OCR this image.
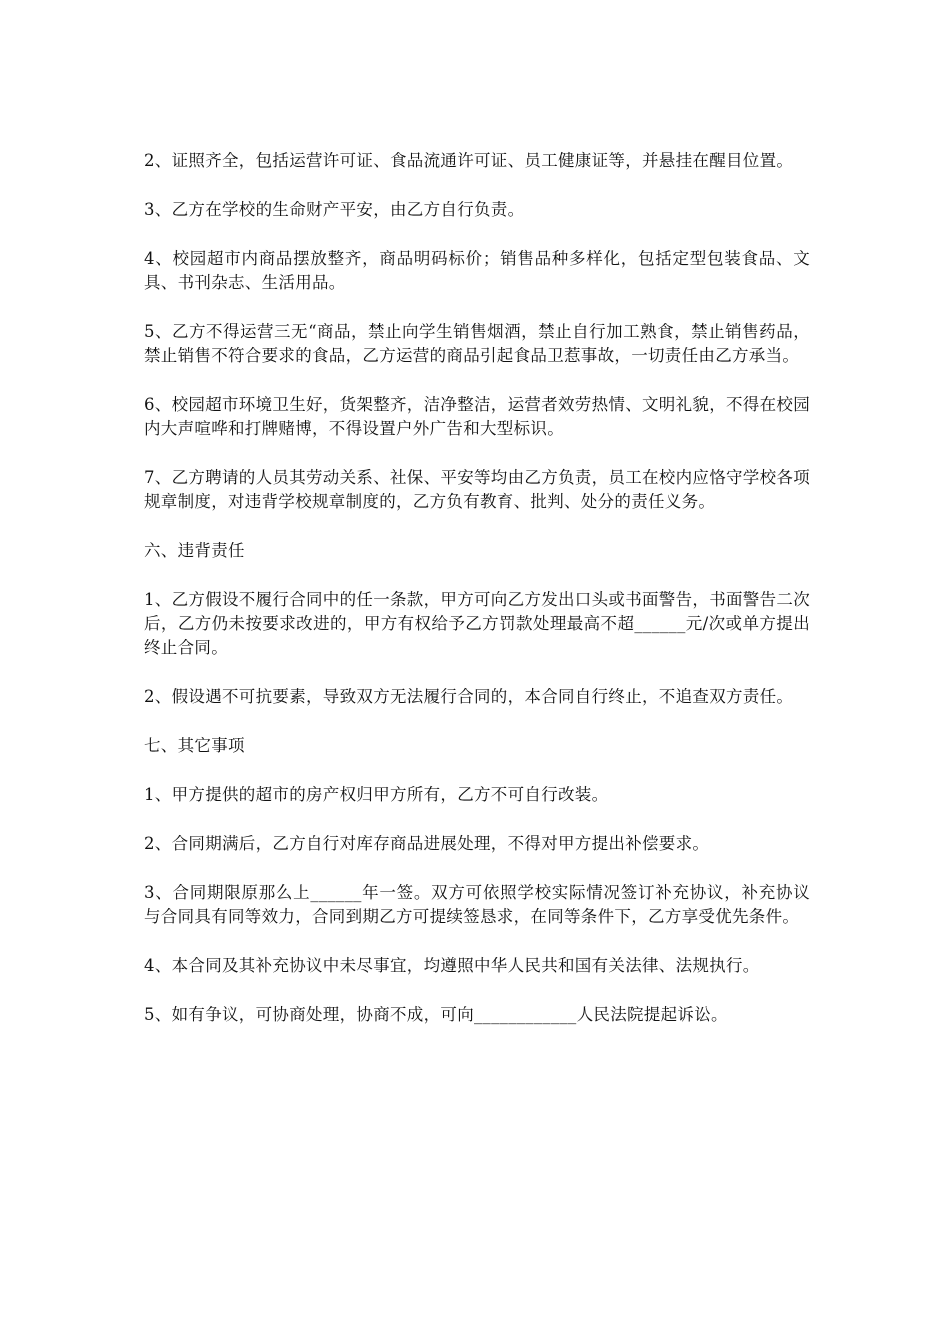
2、证照齐全，包括运营许可证、食品流通许可证、员工健康证等，并悬挂在醒目位置。

3、乙方在学校的生命财产平安，由乙方自行负责。

4、校园超市内商品摆放整齐，商品明码标价；销售品种多样化，包括定型包装食品、文具、书刊杂志、生活用品。

5、乙方不得运营三无“商品，禁止向学生销售烟酒，禁止自行加工熟食，禁止销售药品，禁止销售不符合要求的食品，乙方运营的商品引起食品卫惹事故，一切责任由乙方承当。

6、校园超市环境卫生好，货架整齐，洁净整洁，运营者效劳热情、文明礼貌，不得在校园内大声喧哗和打牌赌博，不得设置户外广告和大型标识。

7、乙方聘请的人员其劳动关系、社保、平安等均由乙方负责，员工在校内应恪守学校各项规章制度，对违背学校规章制度的，乙方负有教育、批判、处分的责任义务。

六、违背责任

1、乙方假设不履行合同中的任一条款，甲方可向乙方发出口头或书面警告，书面警告二次后，乙方仍未按要求改进的，甲方有权给予乙方罚款处理最高不超______元/次或单方提出终止合同。

2、假设遇不可抗要素，导致双方无法履行合同的，本合同自行终止，不追查双方责任。

七、其它事项

1、甲方提供的超市的房产权归甲方所有，乙方不可自行改装。

2、合同期满后，乙方自行对库存商品进展处理，不得对甲方提出补偿要求。

3、合同期限原那么上______年一签。双方可依照学校实际情况签订补充协议，补充协议与合同具有同等效力，合同到期乙方可提续签恳求，在同等条件下，乙方享受优先条件。

4、本合同及其补充协议中未尽事宜，均遵照中华人民共和国有关法律、法规执行。

5、如有争议，可协商处理，协商不成，可向____________人民法院提起诉讼。
